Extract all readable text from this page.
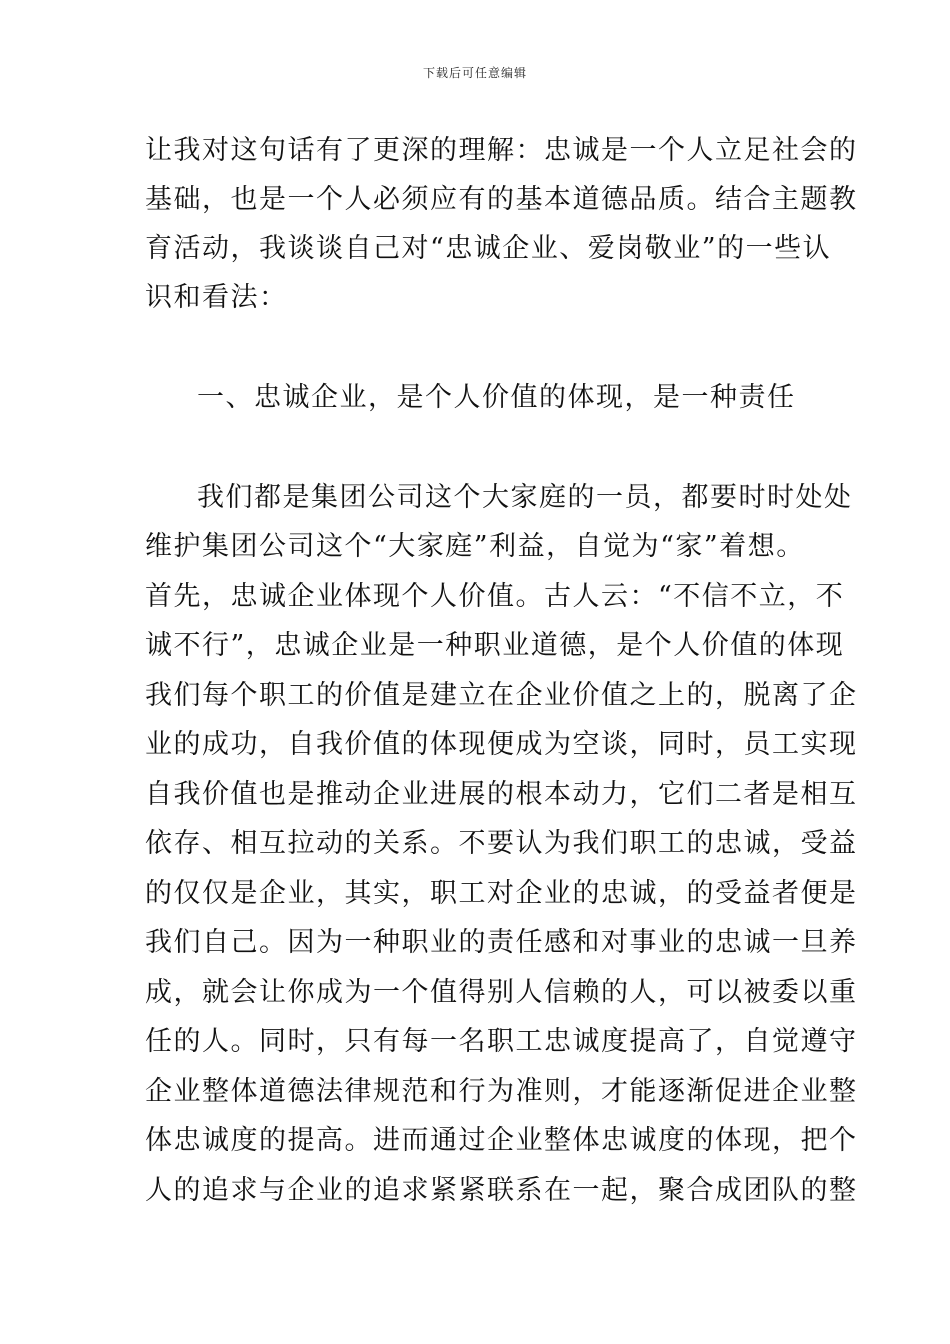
下载后可任意编辑
让我对这句话有了更深的理解：忠诚是一个人立足社会的
基础，也是一个人必须应有的基本道德品质。结合主题教
育活动，我谈谈自己对“忠诚企业、爱岗敬业”的一些认
识和看法：
一、忠诚企业，是个人价值的体现，是一种责任
我们都是集团公司这个大家庭的一员，都要时时处处
维护集团公司这个“大家庭”利益，自觉为“家”着想。
首先，忠诚企业体现个人价值。古人云：“不信不立，不
诚不行”，忠诚企业是一种职业道德，是个人价值的体现
我们每个职工的价值是建立在企业价值之上的，脱离了企
业的成功，自我价值的体现便成为空谈，同时，员工实现
自我价值也是推动企业进展的根本动力，它们二者是相互
依存、相互拉动的关系。不要认为我们职工的忠诚，受益
的仅仅是企业，其实，职工对企业的忠诚，的受益者便是
我们自己。因为一种职业的责任感和对事业的忠诚一旦养
成，就会让你成为一个值得别人信赖的人，可以被委以重
任的人。同时，只有每一名职工忠诚度提高了，自觉遵守
企业整体道德法律规范和行为准则，才能逐渐促进企业整
体忠诚度的提高。进而通过企业整体忠诚度的体现，把个
人的追求与企业的追求紧紧联系在一起，聚合成团队的整
